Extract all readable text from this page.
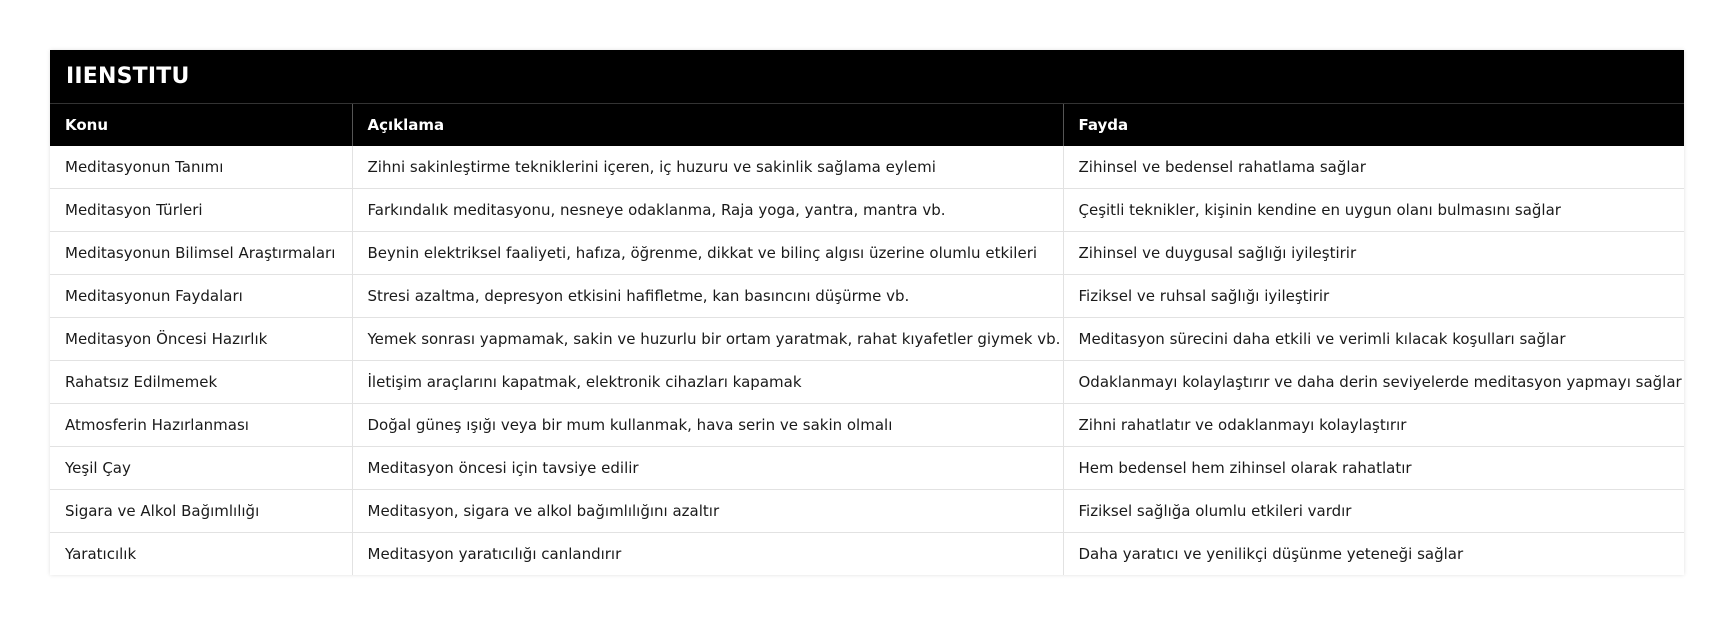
IIENSTITU
Konu	Açıklama	Fayda
Meditasyonun Tanımı	Zihni sakinleştirme tekniklerini içeren, iç huzuru ve sakinlik sağlama eylemi	Zihinsel ve bedensel rahatlama sağlar
Meditasyon Türleri	Farkındalık meditasyonu, nesneye odaklanma, Raja yoga, yantra, mantra vb.	Çeşitli teknikler, kişinin kendine en uygun olanı bulmasını sağlar
Meditasyonun Bilimsel Araştırmaları	Beynin elektriksel faaliyeti, hafıza, öğrenme, dikkat ve bilinç algısı üzerine olumlu etkileri	Zihinsel ve duygusal sağlığı iyileştirir
Meditasyonun Faydaları	Stresi azaltma, depresyon etkisini hafifletme, kan basıncını düşürme vb.	Fiziksel ve ruhsal sağlığı iyileştirir
Meditasyon Öncesi Hazırlık	Yemek sonrası yapmamak, sakin ve huzurlu bir ortam yaratmak, rahat kıyafetler giymek vb.	Meditasyon sürecini daha etkili ve verimli kılacak koşulları sağlar
Rahatsız Edilmemek	İletişim araçlarını kapatmak, elektronik cihazları kapamak	Odaklanmayı kolaylaştırır ve daha derin seviyelerde meditasyon yapmayı sağlar
Atmosferin Hazırlanması	Doğal güneş ışığı veya bir mum kullanmak, hava serin ve sakin olmalı	Zihni rahatlatır ve odaklanmayı kolaylaştırır
Yeşil Çay	Meditasyon öncesi için tavsiye edilir	Hem bedensel hem zihinsel olarak rahatlatır
Sigara ve Alkol Bağımlılığı	Meditasyon, sigara ve alkol bağımlılığını azaltır	Fiziksel sağlığa olumlu etkileri vardır
Yaratıcılık	Meditasyon yaratıcılığı canlandırır	Daha yaratıcı ve yenilikçi düşünme yeteneği sağlar
